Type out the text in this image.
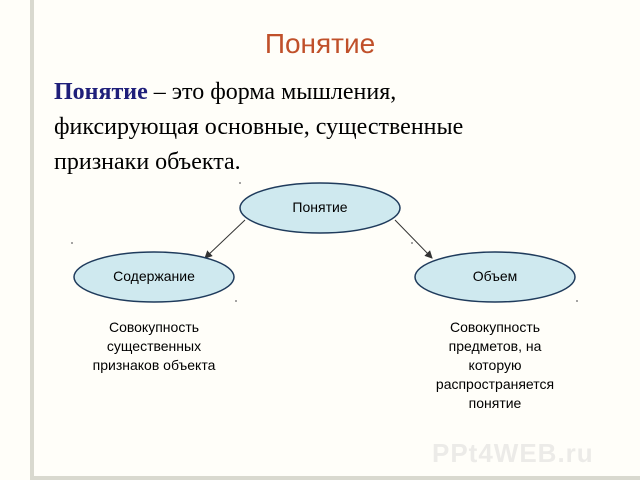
Понятие
Понятие – это форма мышления,
фиксирующая основные, существенные
признаки объекта.
Понятие
Содержание	Объем
Совокупность
существенных
признаков объекта
Совокупность
предметов, на
которую
распространяется
понятие
PPt4WEB.ru
